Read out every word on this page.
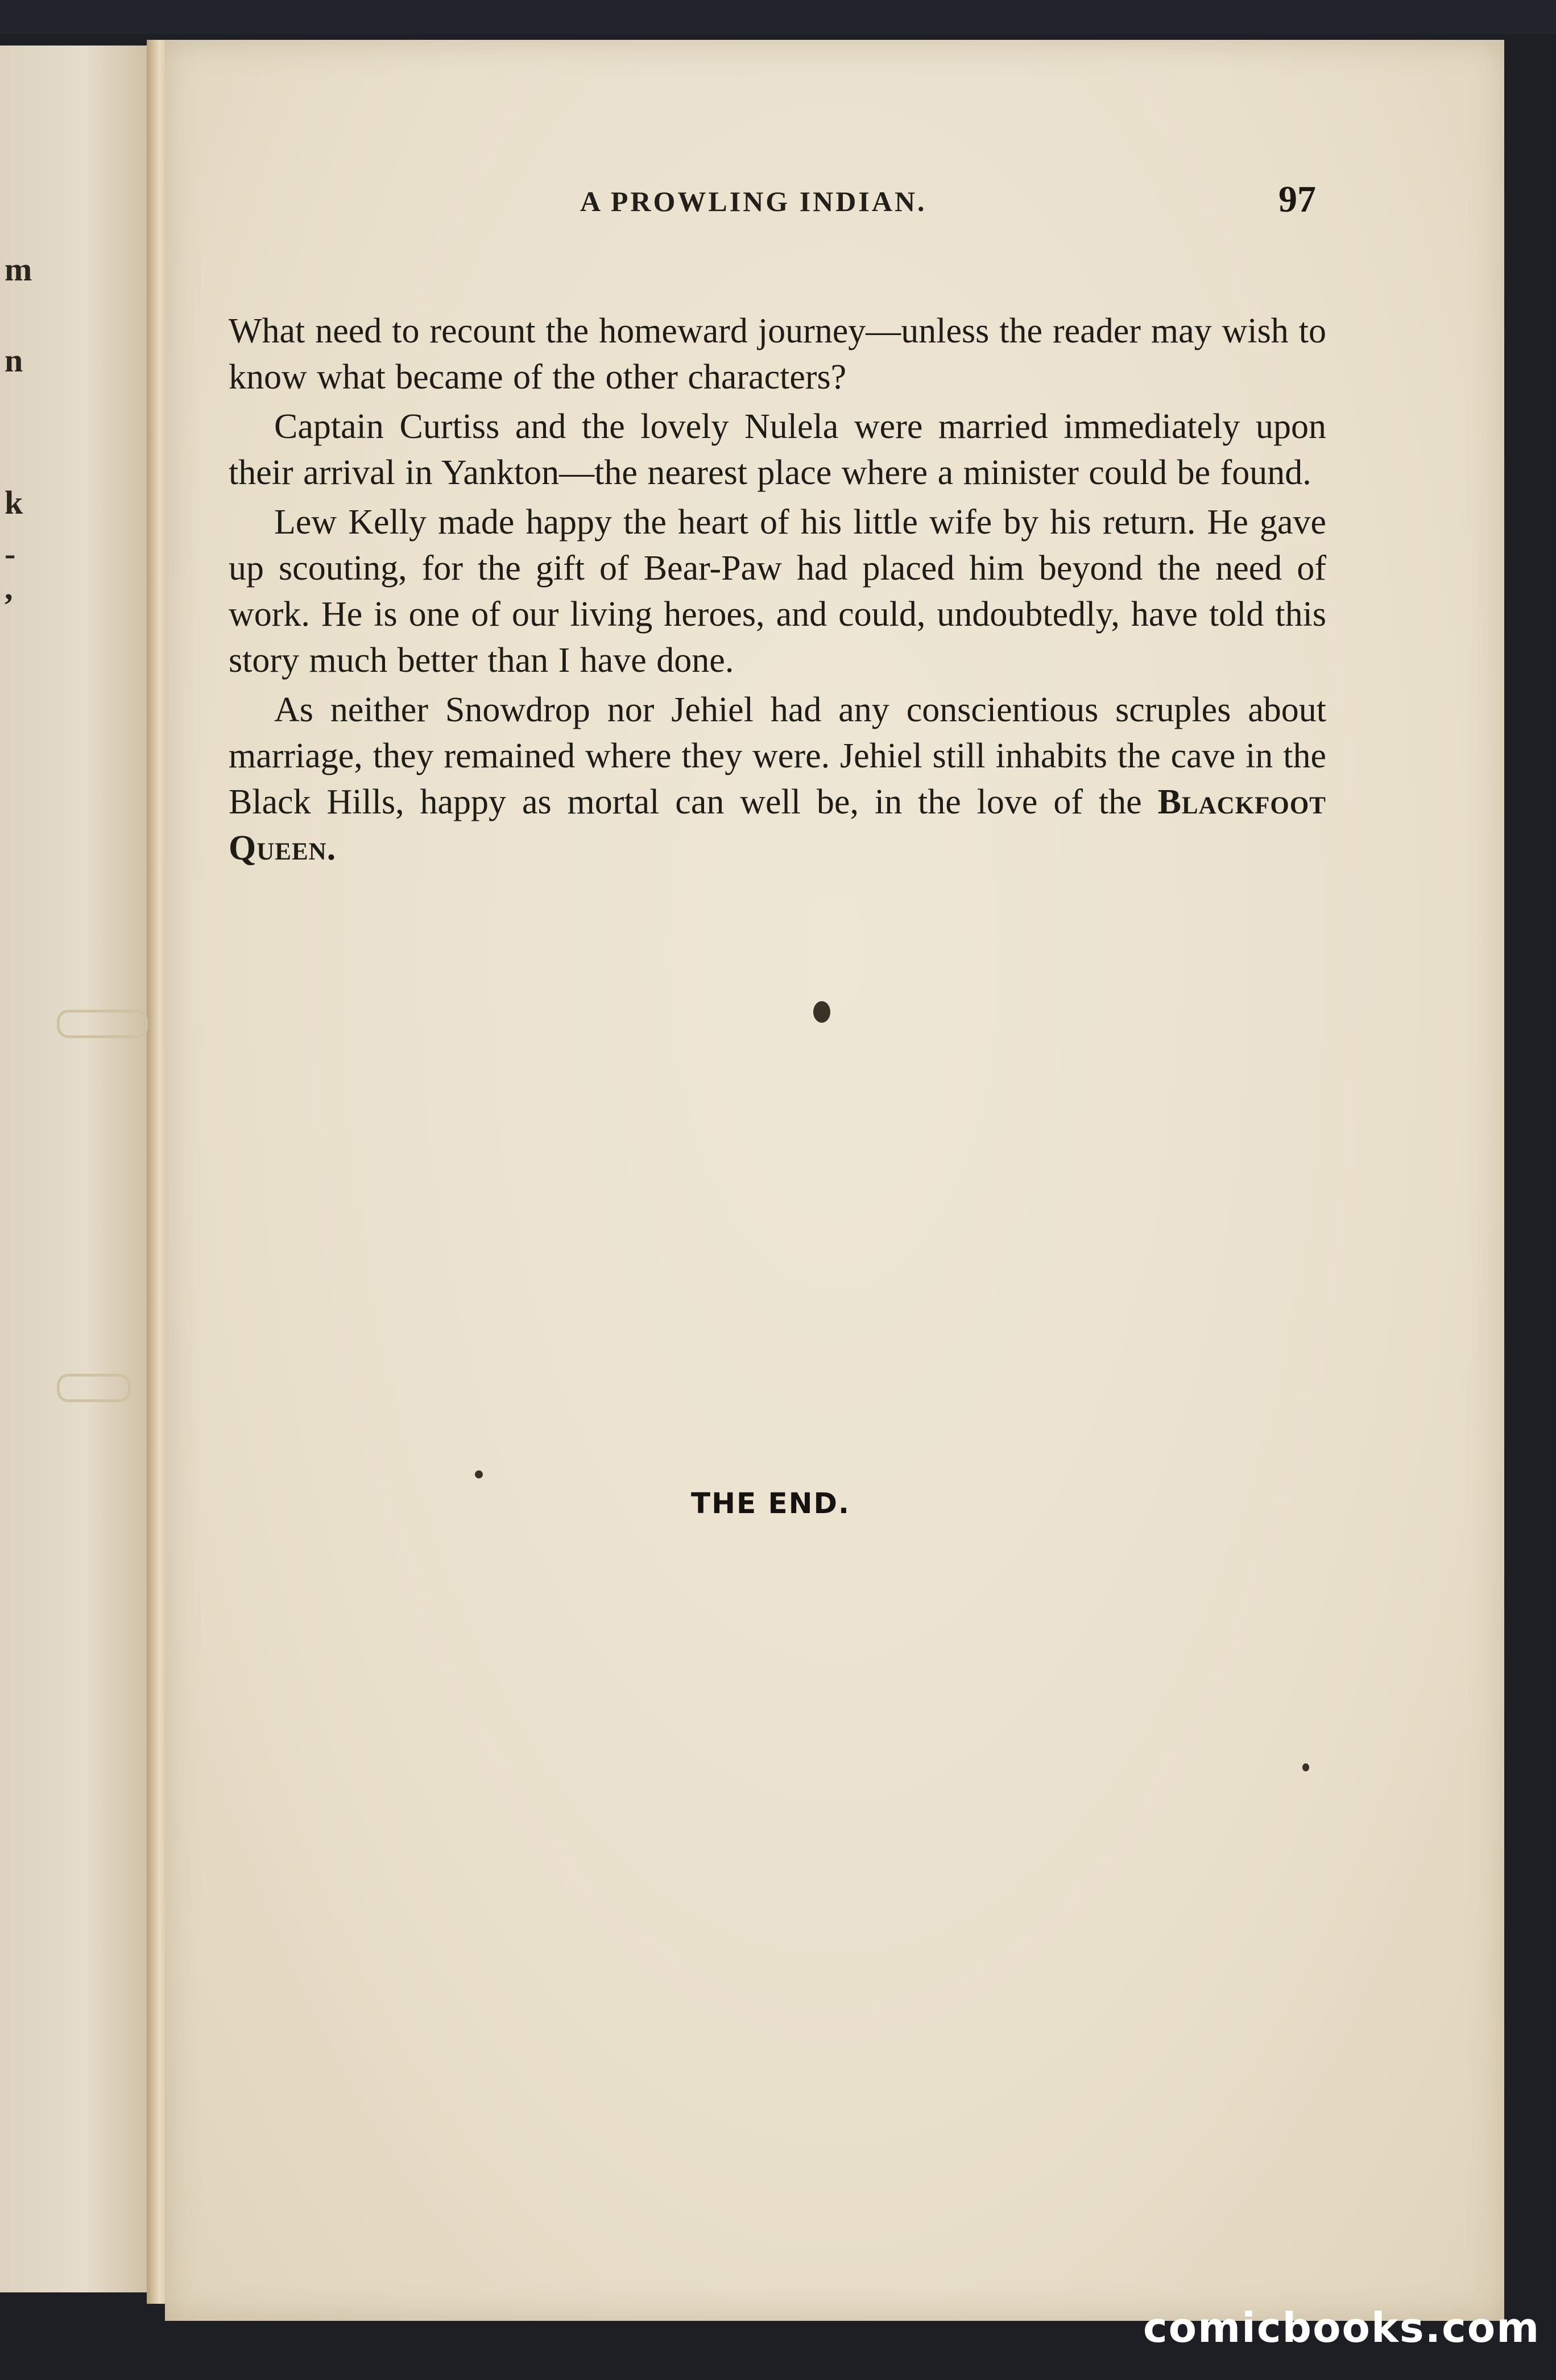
m
n
k
-
,
A PROWLING INDIAN.	97

What need to recount the homeward journey—unless the reader may wish to know what became of the other characters?

Captain Curtiss and the lovely Nulela were married immediately upon their arrival in Yankton—the nearest place where a minister could be found.

Lew Kelly made happy the heart of his little wife by his return. He gave up scouting, for the gift of Bear-Paw had placed him beyond the need of work. He is one of our living heroes, and could, undoubtedly, have told this story much better than I have done.

As neither Snowdrop nor Jehiel had any conscientious scruples about marriage, they remained where they were. Jehiel still inhabits the cave in the Black Hills, happy as mortal can well be, in the love of the Blackfoot Queen.

THE END.
comicbooks.com
